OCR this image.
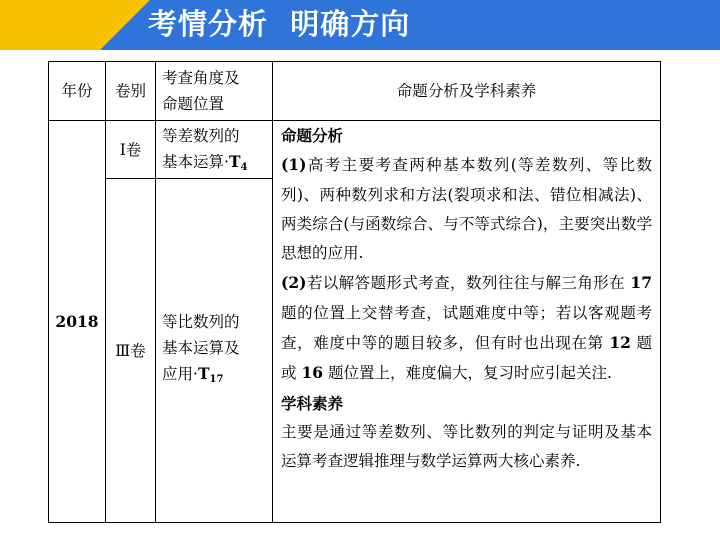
考情分析  明确方向
年份	卷别
考查角度及
命题位置
命题分析及学科素养
2018
Ⅰ卷
等差数列的
基本运算$\cdot T_4$
Ⅲ卷
等比数列的
基本运算及
应用$\cdot T_{17}$

命题分析

(1)高考主要考查两种基本数列(等差数列、等比数列)、两种数列求和方法(裂项求和法、错位相减法)、两类综合(与函数综合、与不等式综合)，主要突出数学思想的应用.

(2)若以解答题形式考查，数列往往与解三角形在 17 题的位置上交替考查，试题难度中等；若以客观题考查，难度中等的题目较多，但有时也出现在第 12 题或 16 题位置上，难度偏大，复习时应引起关注.

学科素养

主要是通过等差数列、等比数列的判定与证明及基本运算考查逻辑推理与数学运算两大核心素养.
